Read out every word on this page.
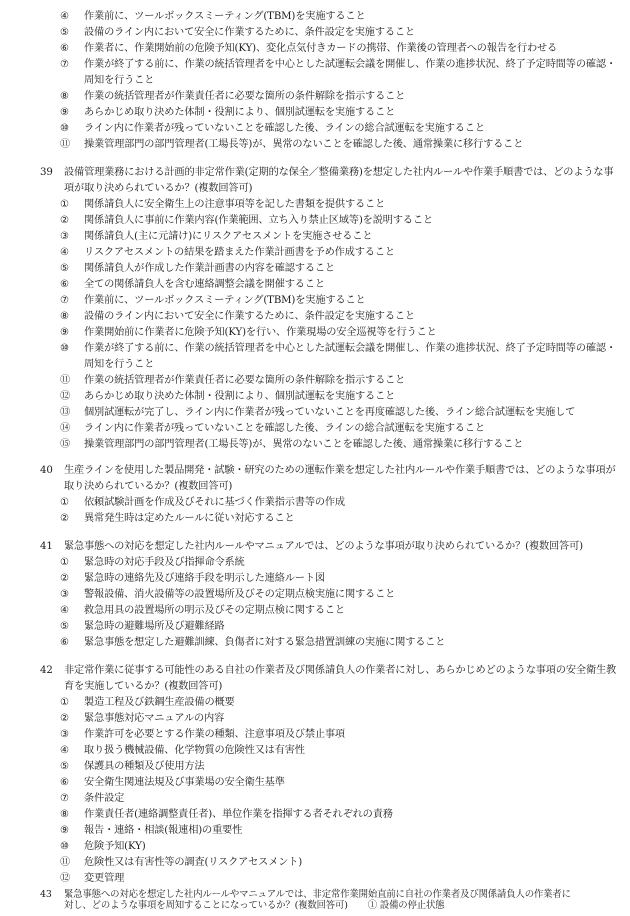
④	作業前に、ツールボックスミーティング(TBM)を実施すること
⑤	設備のライン内において安全に作業するために、条件設定を実施すること
⑥	作業者に、作業開始前の危険予知(KY)、変化点気付きカードの携帯、作業後の管理者への報告を行わせる
⑦	作業が終了する前に、作業の統括管理者を中心とした試運転会議を開催し、作業の進捗状況、終了予定時間等の確認・
周知を行うこと
⑧	作業の統括管理者が作業責任者に必要な箇所の条件解除を指示すること
⑨	あらかじめ取り決めた体制・役割により、個別試運転を実施すること
⑩	ライン内に作業者が残っていないことを確認した後、ラインの総合試運転を実施すること
⑪	操業管理部門の部門管理者(工場長等)が、異常のないことを確認した後、通常操業に移行すること
39	設備管理業務における計画的非定常作業(定期的な保全／整備業務)を想定した社内ルールや作業手順書では、どのような事
項が取り決められているか？(複数回答可)
①	関係請負人に安全衛生上の注意事項等を記した書類を提供すること
②	関係請負人に事前に作業内容(作業範囲、立ち入り禁止区域等)を説明すること
③	関係請負人(主に元請け)にリスクアセスメントを実施させること
④	リスクアセスメントの結果を踏まえた作業計画書を予め作成すること
⑤	関係請負人が作成した作業計画書の内容を確認すること
⑥	全ての関係請負人を含む連絡調整会議を開催すること
⑦	作業前に、ツールボックスミーティング(TBM)を実施すること
⑧	設備のライン内において安全に作業するために、条件設定を実施すること
⑨	作業開始前に作業者に危険予知(KY)を行い、作業現場の安全巡視等を行うこと
⑩	作業が終了する前に、作業の統括管理者を中心とした試運転会議を開催し、作業の進捗状況、終了予定時間等の確認・
周知を行うこと
⑪	作業の統括管理者が作業責任者に必要な箇所の条件解除を指示すること
⑫	あらかじめ取り決めた体制・役割により、個別試運転を実施すること
⑬	個別試運転が完了し、ライン内に作業者が残っていないことを再度確認した後、ライン総合試運転を実施して
⑭	ライン内に作業者が残っていないことを確認した後、ラインの総合試運転を実施すること
⑮	操業管理部門の部門管理者(工場長等)が、異常のないことを確認した後、通常操業に移行すること
40	生産ラインを使用した製品開発・試験・研究のための運転作業を想定した社内ルールや作業手順書では、どのような事項が
取り決められているか？(複数回答可)
①	依頼試験計画を作成及びそれに基づく作業指示書等の作成
②	異常発生時は定めたルールに従い対応すること
41	緊急事態への対応を想定した社内ルールやマニュアルでは、どのような事項が取り決められているか？(複数回答可)
①	緊急時の対応手段及び指揮命令系統
②	緊急時の連絡先及び連絡手段を明示した連絡ルート図
③	警報設備、消火設備等の設置場所及びその定期点検実施に関すること
④	救急用具の設置場所の明示及びその定期点検に関すること
⑤	緊急時の避難場所及び避難経路
⑥	緊急事態を想定した避難訓練、負傷者に対する緊急措置訓練の実施に関すること
42	非定常作業に従事する可能性のある自社の作業者及び関係請負人の作業者に対し、あらかじめどのような事項の安全衛生教
育を実施しているか？(複数回答可)
①	製造工程及び鉄鋼生産設備の概要
②	緊急事態対応マニュアルの内容
③	作業許可を必要とする作業の種類、注意事項及び禁止事項
④	取り扱う機械設備、化学物質の危険性又は有害性
⑤	保護具の種類及び使用方法
⑥	安全衛生関連法規及び事業場の安全衛生基準
⑦	条件設定
⑧	作業責任者(連絡調整責任者)、単位作業を指揮する者それぞれの責務
⑨	報告・連絡・相談(報連相)の重要性
⑩	危険予知(KY)
⑪	危険性又は有害性等の調査(リスクアセスメント)
⑫	変更管理
43	緊急事態への対応を想定した社内ルールやマニュアルでは、非定常作業開始直前に自社の作業者及び関係請負人の作業者に
対し、どのような事項を周知することになっているか？(複数回答可) ① 設備の停止状態
